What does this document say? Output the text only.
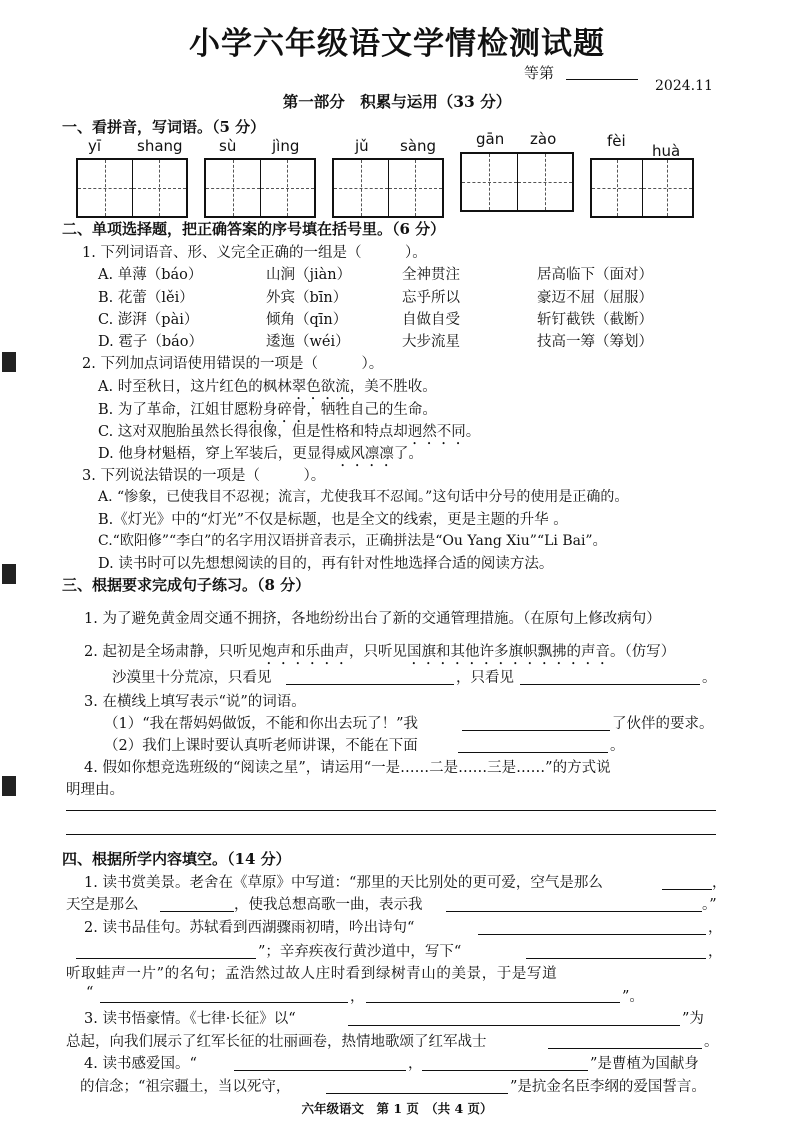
小学六年级语文学情检测试题
等第
2024.11
第一部分　积累与运用（33 分）
一、看拼音，写词语。（5 分）
yī shang sù jìng	jǔ sàng	gān zào	fèi
huà
二、单项选择题，把正确答案的序号填在括号里。（6 分）
1. 下列词语音、形、义完全正确的一组是（　　　）。
A. 单薄（báo）	山涧（jiàn）	全神贯注	居高临下（面对）
B. 花蕾（lěi）	外宾（bīn）	忘乎所以	豪迈不屈（屈服）
C. 澎湃（pài）	倾角（qīn）	自做自受	斩钉截铁（截断）
D. 雹子（báo）	逶迤（wéi）	大步流星	技高一筹（筹划）
2. 下列加点词语使用错误的一项是（　　　）。
A. 时至秋日，这片红色的枫林翠色欲流，美不胜收。
B. 为了革命，江姐甘愿粉身碎骨，牺牲自己的生命。
C. 这对双胞胎虽然长得很像，但是性格和特点却迥然不同。
D. 他身材魁梧，穿上军装后，更显得威风凛凛了。
3. 下列说法错误的一项是（　　　）。
A. “惨象，已使我目不忍视；流言，尤使我耳不忍闻。”这句话中分号的使用是正确的。
B.《灯光》中的“灯光”不仅是标题，也是全文的线索，更是主题的升华 。
C.“欧阳修”“李白”的名字用汉语拼音表示，正确拼法是“Ou Yang Xiu”“Li Bai”。
D. 读书时可以先想想阅读的目的，再有针对性地选择合适的阅读方法。
三、根据要求完成句子练习。（8 分）
1. 为了避免黄金周交通不拥挤，各地纷纷出台了新的交通管理措施。（在原句上修改病句）
2. 起初是全场肃静，只听见炮声和乐曲声，只听见国旗和其他许多旗帜飘拂的声音。（仿写）
沙漠里十分荒凉，只看见	，只看见	。
3. 在横线上填写表示“说”的词语。
（1）“我在帮妈妈做饭，不能和你出去玩了！”我	了伙伴的要求。
（2）我们上课时要认真听老师讲课，不能在下面	。
4. 假如你想竞选班级的“阅读之星”，请运用“一是……二是……三是……”的方式说
明理由。
四、根据所学内容填空。（14 分）
1. 读书赏美景。老舍在《草原》中写道：“那里的天比别处的更可爱，空气是那么	，
天空是那么	，使我总想高歌一曲，表示我	。”
2. 读书品佳句。苏轼看到西湖骤雨初晴，吟出诗句“	，
”；辛弃疾夜行黄沙道中，写下“	，
听取蛙声一片”的名句；孟浩然过故人庄时看到绿树青山的美景，于是写道
“	，	”。
3. 读书悟豪情。《七律·长征》以“	”为
总起，向我们展示了红军长征的壮丽画卷，热情地歌颂了红军战士	。
4. 读书感爱国。“	，	”是曹植为国献身
的信念；“祖宗疆土，当以死守，	”是抗金名臣李纲的爱国誓言。
六年级语文　第 1 页　（共 4 页）
